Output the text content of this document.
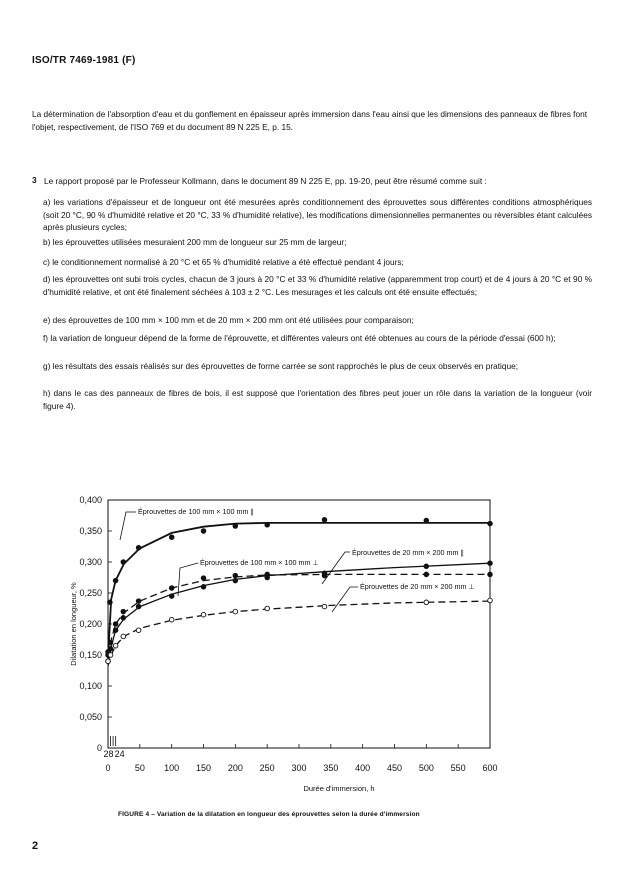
ISO/TR 7469-1981 (F)
La détermination de l'absorption d'eau et du gonflement en épaisseur après immersion dans l'eau ainsi que les dimensions des panneaux de fibres font l'objet, respectivement, de l'ISO 769 et du document 89 N 225 E, p. 15.
3 Le rapport proposé par le Professeur Kollmann, dans le document 89 N 225 E, pp. 19-20, peut être résumé comme suit :
a) les variations d'épaisseur et de longueur ont été mesurées après conditionnement des éprouvettes sous différentes conditions atmosphériques (soit 20 °C, 90 % d'humidité relative et 20 °C, 33 % d'humidité relative), les modifications dimensionnelles permanentes ou réversibles étant calculées après plusieurs cycles;
b) les éprouvettes utilisées mesuraient 200 mm de longueur sur 25 mm de largeur;
c) le conditionnement normalisé à 20 °C et 65 % d'humidité relative a été effectué pendant 4 jours;
d) les éprouvettes ont subi trois cycles, chacun de 3 jours à 20 °C et 33 % d'humidité relative (apparemment trop court) et de 4 jours à 20 °C et 90 % d'humidité relative, et ont été finalement séchées à 103 ± 2 °C. Les mesurages et les calculs ont été ensuite effectués;
e) des éprouvettes de 100 mm × 100 mm et de 20 mm × 200 mm ont été utilisées pour comparaison;
f) la variation de longueur dépend de la forme de l'éprouvette, et différentes valeurs ont été obtenues au cours de la période d'essai (600 h);
g) les résultats des essais réalisés sur des éprouvettes de forme carrée se sont rapprochés le plus de ceux observés en pratique;
h) dans le cas des panneaux de fibres de bois, il est supposé que l'orientation des fibres peut jouer un rôle dans la variation de la longueur (voir figure 4).
0
0,050
0,100
0,150
0,200
0,250
0,300
0,350
0,400
0	50 100 150 200 250 300 350 400 450 500 550 600
28 24
Dilatation en longueur, %
Durée d'immersion, h
Éprouvettes de 100 mm × 100 mm ∥
Éprouvettes de 100 mm × 100 mm ⊥
Éprouvettes de 20 mm × 200 mm ∥
Éprouvettes de 20 mm × 200 mm ⊥
FIGURE 4 – Variation de la dilatation en longueur des éprouvettes selon la durée d'immersion
2
